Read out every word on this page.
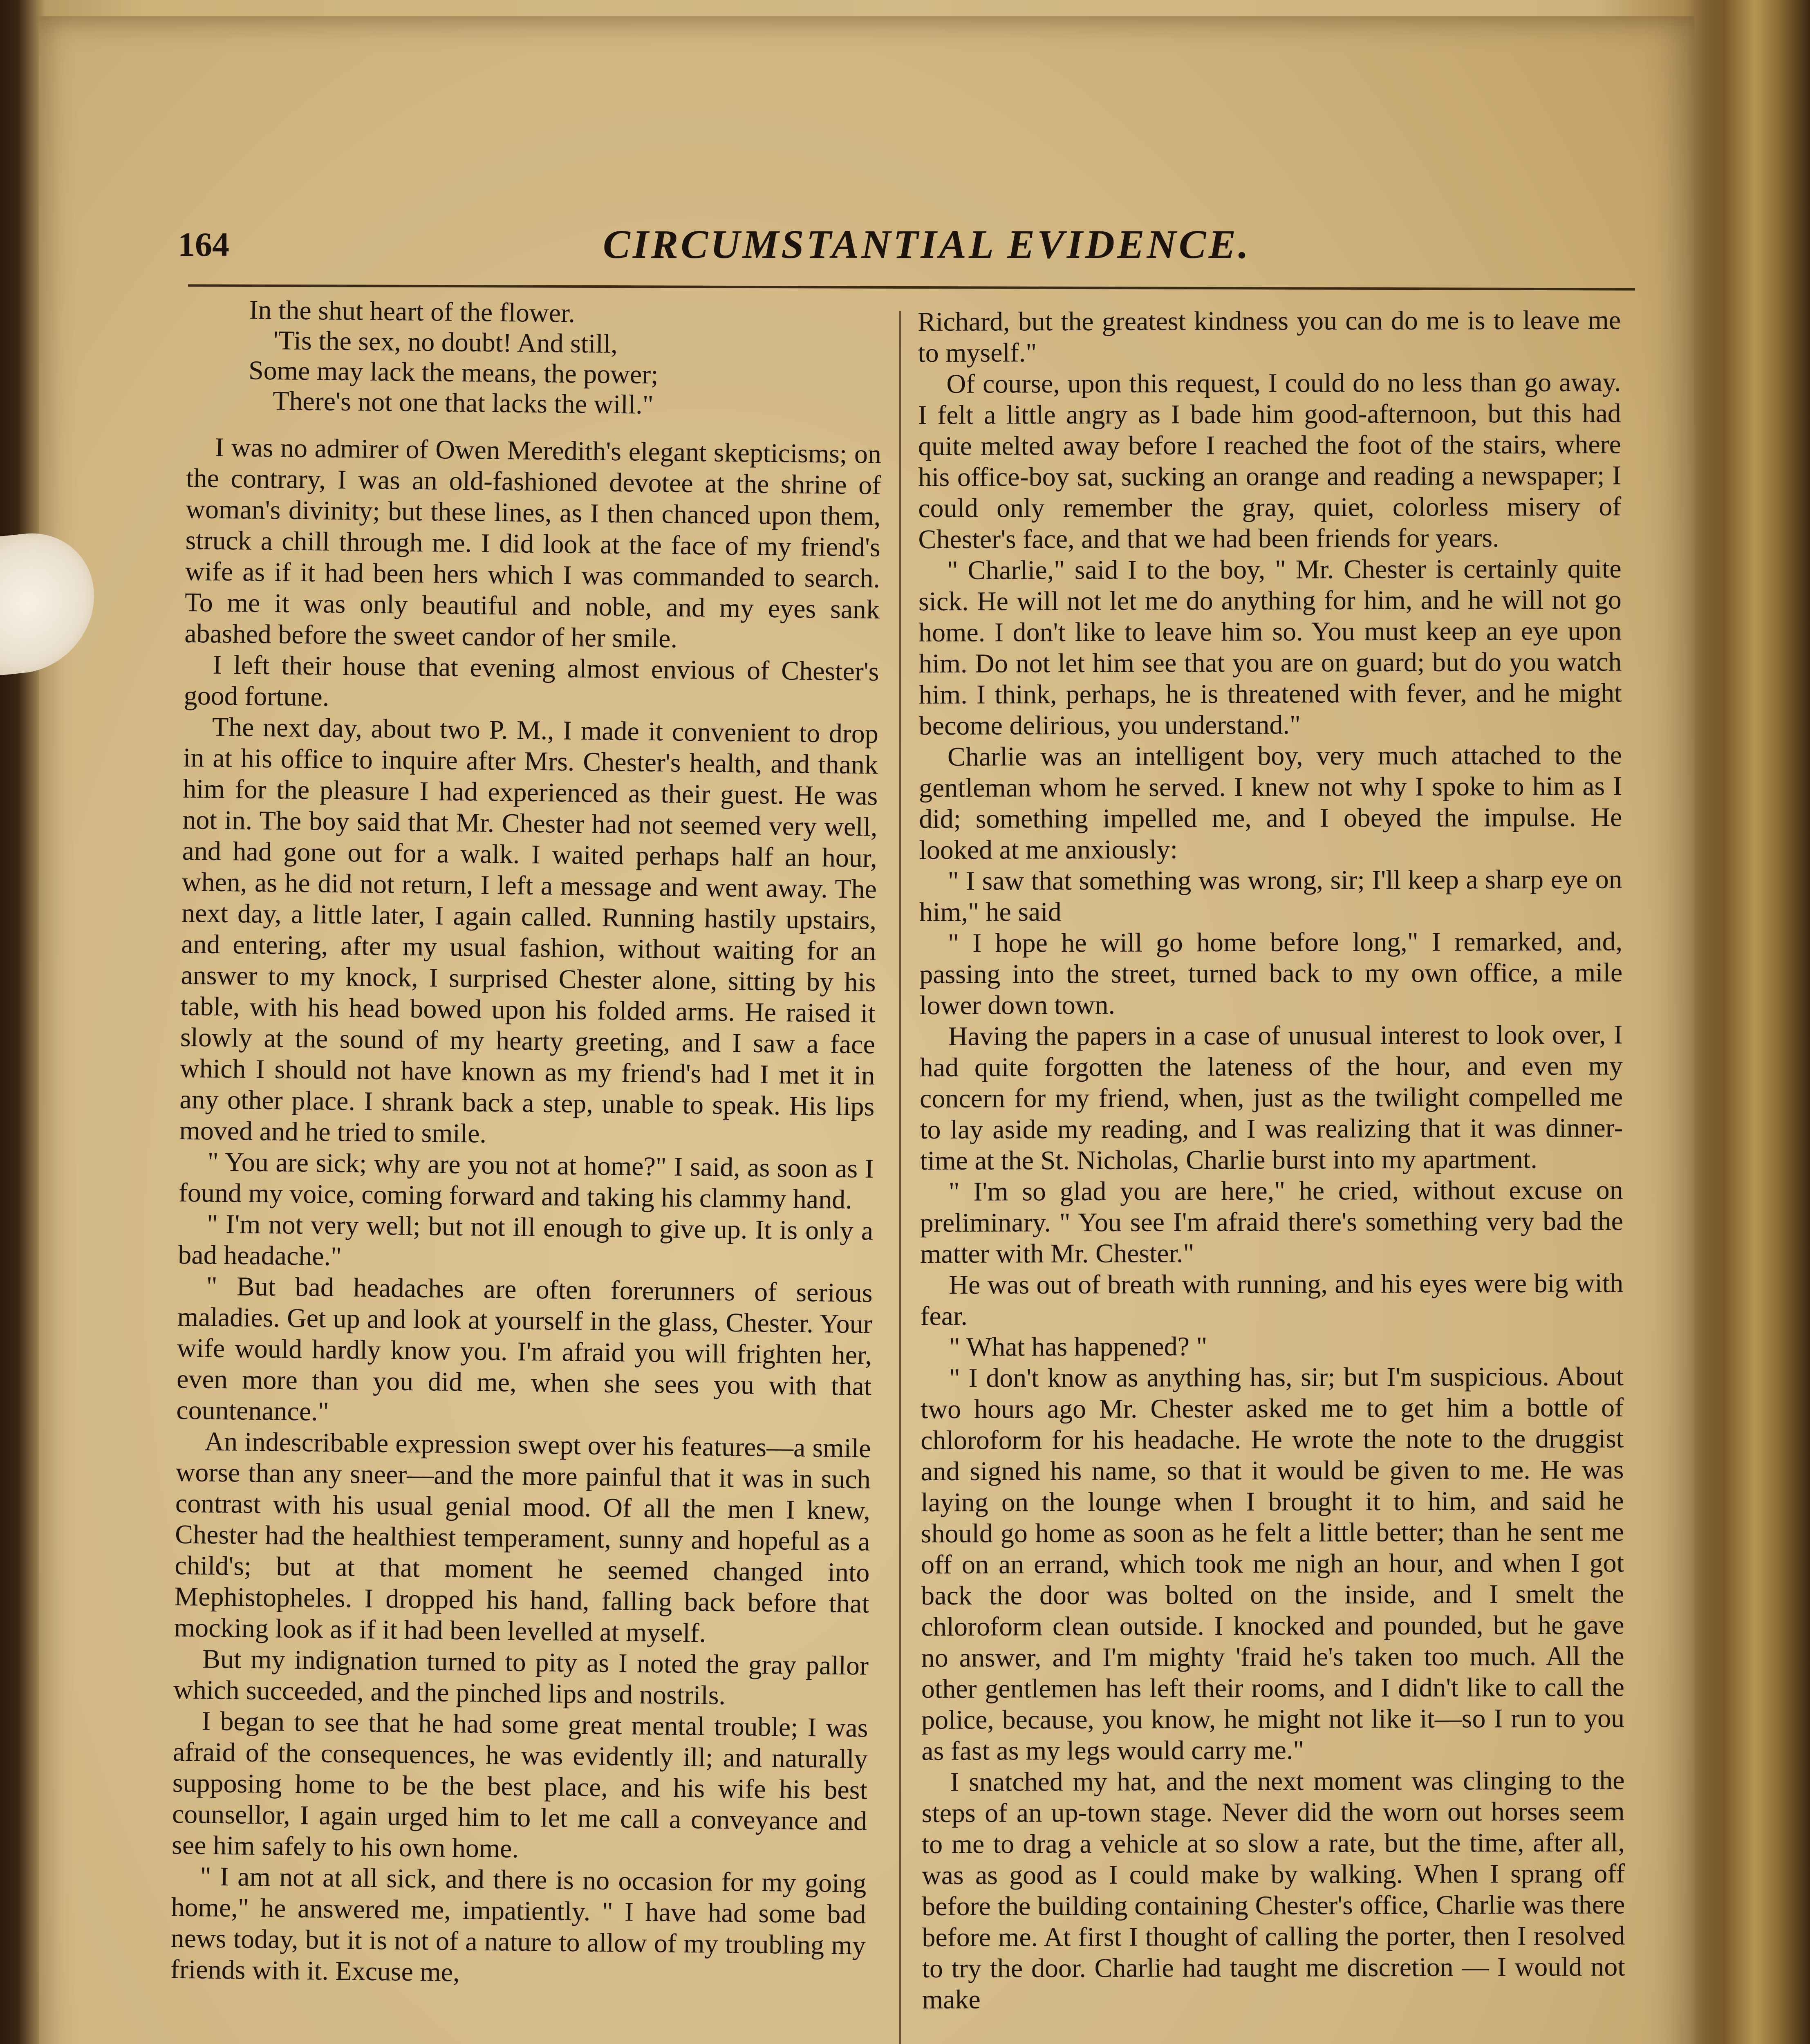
164	CIRCUMSTANTIAL EVIDENCE.
In the shut heart of the flower.
'Tis the sex, no doubt! And still,
Some may lack the means, the power;
There's not one that lacks the will."

I was no admirer of Owen Meredith's elegant skepticisms; on the contrary, I was an old-fashioned devotee at the shrine of woman's divinity; but these lines, as I then chanced upon them, struck a chill through me. I did look at the face of my friend's wife as if it had been hers which I was commanded to search. To me it was only beautiful and noble, and my eyes sank abashed before the sweet candor of her smile.

I left their house that evening almost envious of Chester's good fortune.

The next day, about two P. M., I made it convenient to drop in at his office to inquire after Mrs. Chester's health, and thank him for the pleasure I had experienced as their guest. He was not in. The boy said that Mr. Chester had not seemed very well, and had gone out for a walk. I waited perhaps half an hour, when, as he did not return, I left a message and went away. The next day, a little later, I again called. Running hastily upstairs, and entering, after my usual fashion, without waiting for an answer to my knock, I surprised Chester alone, sitting by his table, with his head bowed upon his folded arms. He raised it slowly at the sound of my hearty greeting, and I saw a face which I should not have known as my friend's had I met it in any other place. I shrank back a step, unable to speak. His lips moved and he tried to smile.

" You are sick; why are you not at home?" I said, as soon as I found my voice, coming forward and taking his clammy hand.

" I'm not very well; but not ill enough to give up. It is only a bad headache."

" But bad headaches are often forerunners of serious maladies. Get up and look at yourself in the glass, Chester. Your wife would hardly know you. I'm afraid you will frighten her, even more than you did me, when she sees you with that countenance."

An indescribable expression swept over his features—a smile worse than any sneer—and the more painful that it was in such contrast with his usual genial mood. Of all the men I knew, Chester had the healthiest temperament, sunny and hopeful as a child's; but at that moment he seemed changed into Mephistopheles. I dropped his hand, falling back before that mocking look as if it had been levelled at myself.

But my indignation turned to pity as I noted the gray pallor which succeeded, and the pinched lips and nostrils.

I began to see that he had some great mental trouble; I was afraid of the consequences, he was evidently ill; and naturally supposing home to be the best place, and his wife his best counsellor, I again urged him to let me call a conveyance and see him safely to his own home.

" I am not at all sick, and there is no occasion for my going home," he answered me, impatiently. " I have had some bad news today, but it is not of a nature to allow of my troubling my friends with it. Excuse me,

Richard, but the greatest kindness you can do me is to leave me to myself."

Of course, upon this request, I could do no less than go away. I felt a little angry as I bade him good-afternoon, but this had quite melted away before I reached the foot of the stairs, where his office-boy sat, sucking an orange and reading a newspaper; I could only remember the gray, quiet, colorless misery of Chester's face, and that we had been friends for years.

" Charlie," said I to the boy, " Mr. Chester is certainly quite sick. He will not let me do anything for him, and he will not go home. I don't like to leave him so. You must keep an eye upon him. Do not let him see that you are on guard; but do you watch him. I think, perhaps, he is threatened with fever, and he might become delirious, you understand."

Charlie was an intelligent boy, very much attached to the gentleman whom he served. I knew not why I spoke to him as I did; something impelled me, and I obeyed the impulse. He looked at me anxiously:

" I saw that something was wrong, sir; I'll keep a sharp eye on him," he said

" I hope he will go home before long," I remarked, and, passing into the street, turned back to my own office, a mile lower down town.

Having the papers in a case of unusual interest to look over, I had quite forgotten the lateness of the hour, and even my concern for my friend, when, just as the twilight compelled me to lay aside my reading, and I was realizing that it was dinner-time at the St. Nicholas, Charlie burst into my apartment.

" I'm so glad you are here," he cried, without excuse on preliminary. " You see I'm afraid there's something very bad the matter with Mr. Chester."

He was out of breath with running, and his eyes were big with fear.

" What has happened? "

" I don't know as anything has, sir; but I'm suspicious. About two hours ago Mr. Chester asked me to get him a bottle of chloroform for his headache. He wrote the note to the druggist and signed his name, so that it would be given to me. He was laying on the lounge when I brought it to him, and said he should go home as soon as he felt a little better; than he sent me off on an errand, which took me nigh an hour, and when I got back the door was bolted on the inside, and I smelt the chloroform clean outside. I knocked and pounded, but he gave no answer, and I'm mighty 'fraid he's taken too much. All the other gentlemen has left their rooms, and I didn't like to call the police, because, you know, he might not like it—so I run to you as fast as my legs would carry me."

I snatched my hat, and the next moment was clinging to the steps of an up-town stage. Never did the worn out horses seem to me to drag a vehicle at so slow a rate, but the time, after all, was as good as I could make by walking. When I sprang off before the building containing Chester's office, Charlie was there before me. At first I thought of calling the porter, then I resolved to try the door. Charlie had taught me discretion — I would not make
